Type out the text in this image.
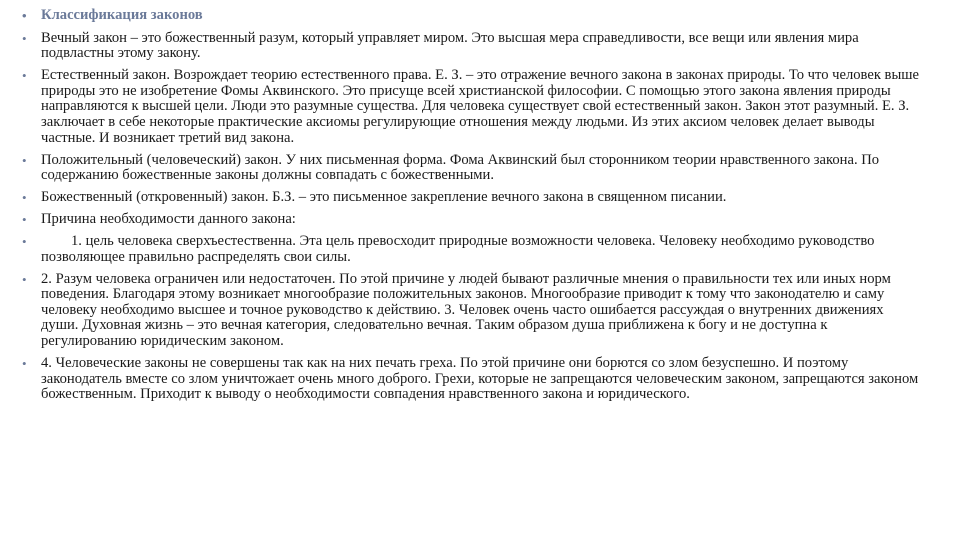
• Классификация законов
• Вечный закон – это божественный разум, который управляет миром. Это высшая мера справедливости, все вещи или явления мира подвластны этому закону.
• Естественный закон. Возрождает теорию естественного права. Е. З. – это отражение вечного закона в законах природы. То что человек выше природы это не изобретение Фомы Аквинского. Это присуще всей христианской философии. С помощью этого закона явления природы направляются к высшей цели. Люди это разумные существа. Для человека существует свой естественный закон. Закон этот разумный. Е. З. заключает в себе некоторые практические аксиомы регулирующие отношения между людьми. Из этих аксиом человек делает выводы частные. И возникает третий вид закона.
• Положительный (человеческий) закон. У них письменная форма. Фома Аквинский был сторонником теории нравственного закона. По содержанию божественные законы должны совпадать с божественными.
• Божественный (откровенный) закон. Б.З. – это письменное закрепление вечного закона в священном писании.
• Причина необходимости данного закона:
•	1. цель человека сверхъестественна. Эта цель превосходит природные возможности человека. Человеку необходимо руководство позволяющее правильно распределять свои силы.
• 2. Разум человека ограничен или недостаточен. По этой причине у людей бывают различные мнения о правильности тех или иных норм поведения. Благодаря этому возникает многообразие положительных законов. Многообразие приводит к тому что законодателю и саму человеку необходимо высшее и точное руководство к действию. 3. Человек очень часто ошибается рассуждая о внутренних движениях души. Духовная жизнь – это вечная категория, следовательно вечная. Таким образом душа приближена к богу и не доступна к регулированию юридическим законом.
• 4. Человеческие законы не совершены так как на них печать греха. По этой причине они борются со злом безуспешно. И поэтому законодатель вместе со злом уничтожает очень много доброго. Грехи, которые не запрещаются человеческим законом, запрещаются законом божественным. Приходит к выводу о необходимости совпадения нравственного закона и юридического.
